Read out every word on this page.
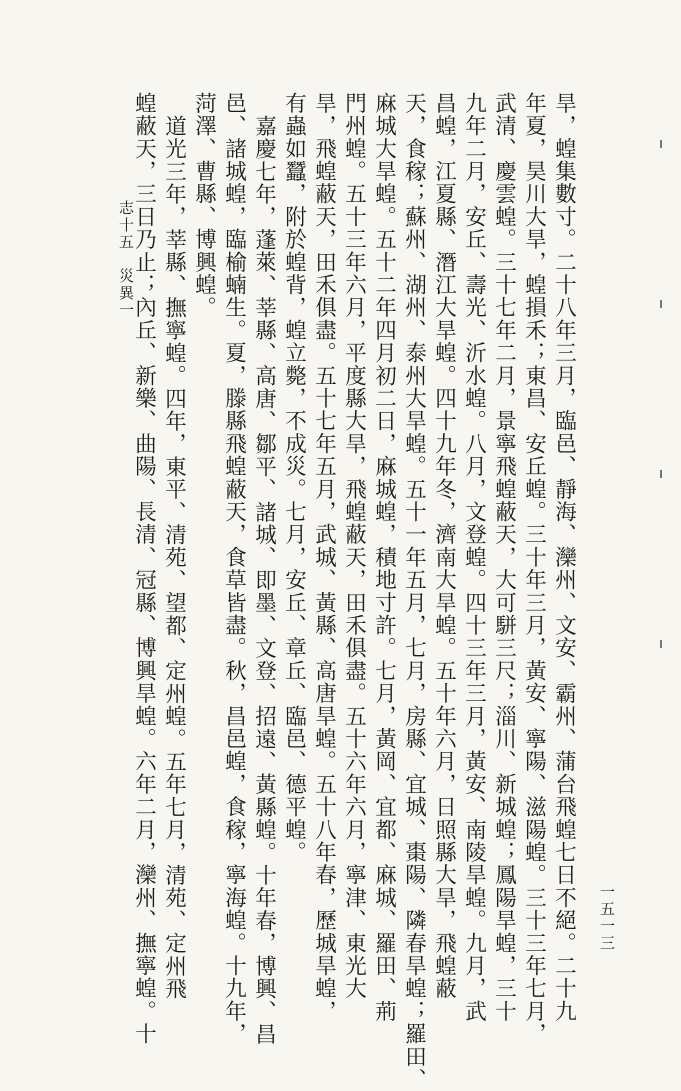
旱，蝗集數寸。二十八年三月，臨邑、靜海、灤州、文安、霸州、蒲台飛蝗七日不絕。二十九
年夏，昊川大旱，蝗損禾；東昌、安丘蝗。三十年三月，黃安、寧陽、滋陽蝗。三十三年七月，
武清、慶雲蝗。三十七年二月，景寧飛蝗蔽天，大可駢三尺；淄川、新城蝗；鳳陽旱蝗，三十
九年二月，安丘、壽光、沂水蝗。八月，文登蝗。四十三年三月，黃安、南陵旱蝗。九月，武
昌蝗，江夏縣、潛江大旱蝗。四十九年冬，濟南大旱蝗。五十年六月，日照縣大旱，飛蝗蔽
天，食稼；蘇州、湖州、泰州大旱蝗。五十一年五月，七月，房縣、宜城、棗陽、隣春旱蝗；羅田、
麻城大旱蝗。五十二年四月初二日，麻城蝗，積地寸許。七月，黃岡、宜都、麻城、羅田、荊
門州蝗。五十三年六月，平度縣大旱，飛蝗蔽天，田禾俱盡。五十六年六月，寧津、東光大
旱，飛蝗蔽天，田禾俱盡。五十七年五月，武城、黃縣、高唐旱蝗。五十八年春，歷城旱蝗，
有蟲如蠶，附於蝗背，蝗立斃，不成災。七月，安丘、章丘、臨邑、德平蝗。
嘉慶七年，蓬萊、莘縣、高唐、鄒平、諸城、即墨、文登、招遠、黃縣蝗。十年春，博興、昌
邑、諸城蝗，臨榆蝻生。夏，滕縣飛蝗蔽天，食草皆盡。秋，昌邑蝗，食稼，寧海蝗。十九年，
菏澤、曹縣、博興蝗。
道光三年，莘縣、撫寧蝗。四年，東平、清苑、望都、定州蝗。五年七月，清苑、定州飛
蝗蔽天，三日乃止；內丘、新樂、曲陽、長清、冠縣、博興旱蝗。六年二月，灤州、撫寧蝗。十
志十五　災異一
一五一三
